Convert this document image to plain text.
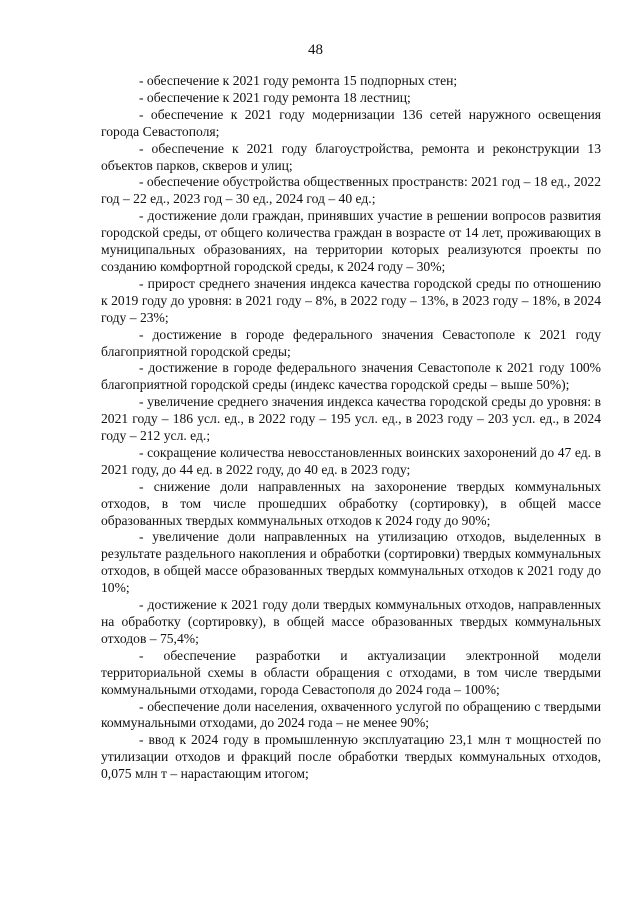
48

- обеспечение к 2021 году ремонта 15 подпорных стен;

- обеспечение к 2021 году ремонта 18 лестниц;

- обеспечение к 2021 году модернизации 136 сетей наружного освещения города Севастополя;

- обеспечение к 2021 году благоустройства, ремонта и реконструкции 13 объектов парков, скверов и улиц;

- обеспечение обустройства общественных пространств: 2021 год – 18 ед., 2022 год – 22 ед., 2023 год – 30 ед., 2024 год – 40 ед.;

- достижение доли граждан, принявших участие в решении вопросов развития городской среды, от общего количества граждан в возрасте от 14 лет, проживающих в муниципальных образованиях, на территории которых реализуются проекты по созданию комфортной городской среды, к 2024 году – 30%;

- прирост среднего значения индекса качества городской среды по отношению к 2019 году до уровня: в 2021 году – 8%, в 2022 году – 13%, в 2023 году – 18%, в 2024 году – 23%;

- достижение в городе федерального значения Севастополе к 2021 году благоприятной городской среды;

- достижение в городе федерального значения Севастополе к 2021 году 100% благоприятной городской среды (индекс качества городской среды – выше 50%);

- увеличение среднего значения индекса качества городской среды до уровня: в 2021 году – 186 усл. ед., в 2022 году – 195 усл. ед., в 2023 году – 203 усл. ед., в 2024 году – 212 усл. ед.;

- сокращение количества невосстановленных воинских захоронений до 47 ед. в 2021 году, до 44 ед. в 2022 году, до 40 ед. в 2023 году;

- снижение доли направленных на захоронение твердых коммунальных отходов, в том числе прошедших обработку (сортировку), в общей массе образованных твердых коммунальных отходов к 2024 году до 90%;

- увеличение доли направленных на утилизацию отходов, выделенных в результате раздельного накопления и обработки (сортировки) твердых коммунальных отходов, в общей массе образованных твердых коммунальных отходов к 2021 году до 10%;

- достижение к 2021 году доли твердых коммунальных отходов, направленных на обработку (сортировку), в общей массе образованных твердых коммунальных отходов – 75,4%;

- обеспечение разработки и актуализации электронной модели территориальной схемы в области обращения с отходами, в том числе твердыми коммунальными отходами, города Севастополя до 2024 года – 100%;

- обеспечение доли населения, охваченного услугой по обращению с твердыми коммунальными отходами, до 2024 года – не менее 90%;

- ввод к 2024 году в промышленную эксплуатацию 23,1 млн т мощностей по утилизации отходов и фракций после обработки твердых коммунальных отходов, 0,075 млн т – нарастающим итогом;
